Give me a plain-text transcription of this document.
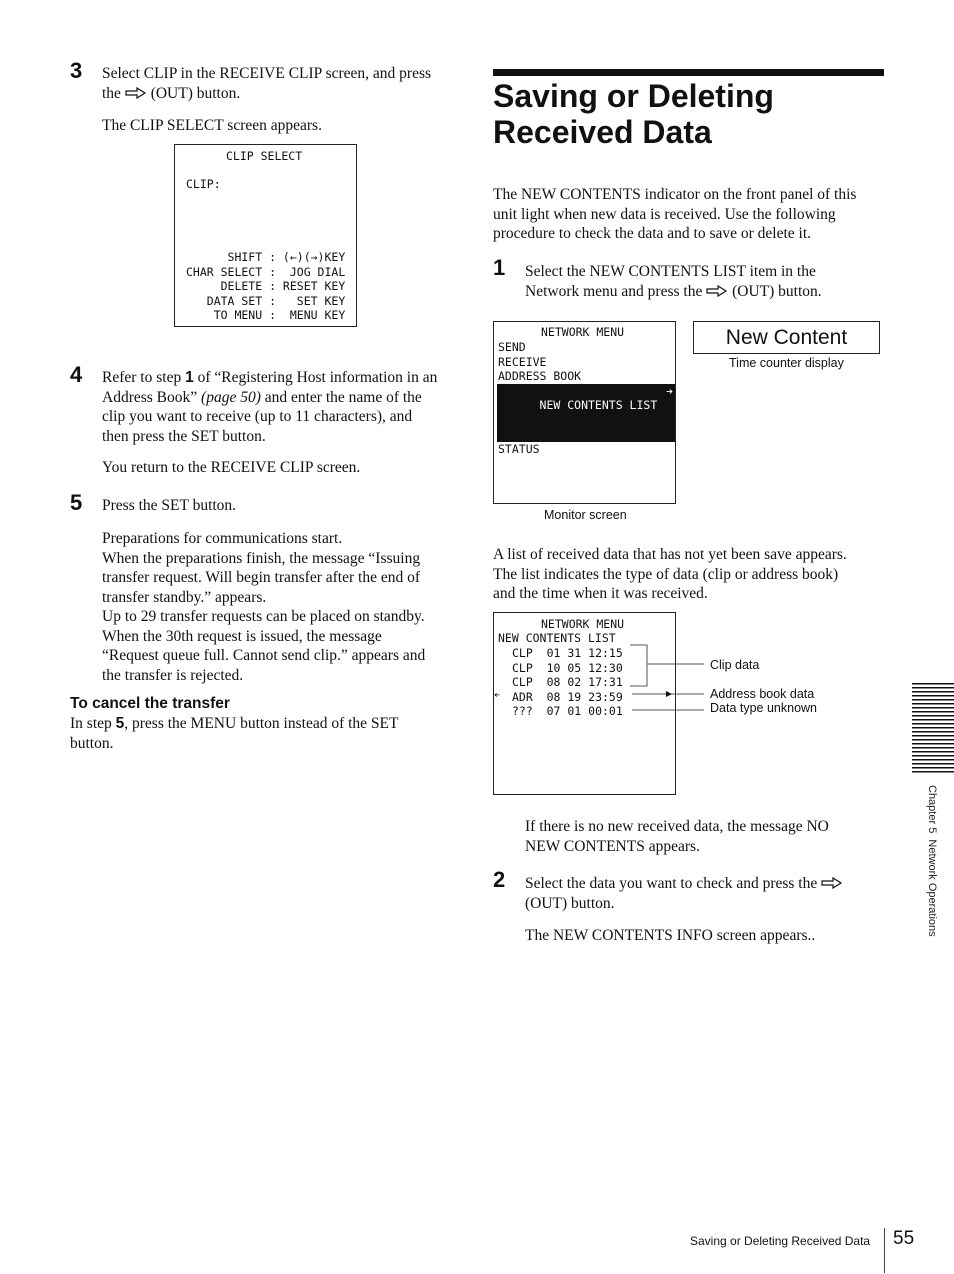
3 Select CLIP in the RECEIVE CLIP screen, and press
the (OUT) button.
The CLIP SELECT screen appears.
CLIP SELECT
CLIP:
SHIFT : (←)(→)KEY
CHAR SELECT :  JOG DIAL
DELETE : RESET KEY
DATA SET :   SET KEY
TO MENU :  MENU KEY
4 Refer to step 1 of “Registering Host information in an
Address Book” (page 50) and enter the name of the
clip you want to receive (up to 11 characters), and
then press the SET button.
You return to the RECEIVE CLIP screen.
5 Press the SET button.
Preparations for communications start.
When the preparations finish, the message “Issuing
transfer request. Will begin transfer after the end of
transfer standby.” appears.
Up to 29 transfer requests can be placed on standby.
When the 30th request is issued, the message
“Request queue full. Cannot send clip.” appears and
the transfer is rejected.
To cancel the transfer
In step 5, press the MENU button instead of the SET
button.
Saving or Deleting
Received Data
The NEW CONTENTS indicator on the front panel of this
unit light when new data is received. Use the following
procedure to check the data and to save or delete it.
1 Select the NEW CONTENTS LIST item in the
Network menu and press the (OUT) button.
NETWORK MENU
SEND
RECEIVE
ADDRESS BOOK

NEW CONTENTS LIST

➔

STATUS
Monitor screen
New Content
Time counter display
A list of received data that has not yet been save appears.
The list indicates the type of data (clip or address book)
and the time when it was received.
NETWORK MENU
NEW CONTENTS LIST
CLP  01 31 12:15
CLP  10 05 12:30
CLP  08 02 17:31
ADR  08 19 23:59
???  07 01 00:01
➔
Clip data
Address book data
Data type unknown
If there is no new received data, the message NO
NEW CONTENTS appears.
2 Select the data you want to check and press the
(OUT) button.
The NEW CONTENTS INFO screen appears..	Chapter 5  Network Operations
Saving or Deleting Received Data 55
